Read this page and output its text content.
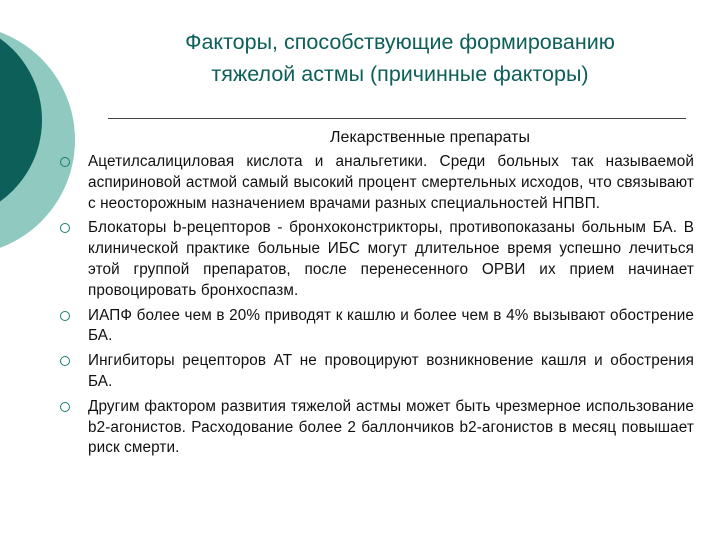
Факторы, способствующие формированию
тяжелой астмы (причинные факторы)
Лекарственные препараты
Ацетилсалициловая кислота и анальгетики. Среди больных так называемой аспириновой астмой самый высокий процент смертельных исходов, что связывают с неосторожным назначением врачами разных специальностей НПВП.
Блокаторы b-рецепторов - бронхоконстрикторы, противопоказаны больным БА. В клинической практике больные ИБС могут длительное время успешно лечиться этой группой препаратов, после перенесенного ОРВИ их прием начинает провоцировать бронхоспазм.
ИАПФ более чем в 20% приводят к кашлю и более чем в 4% вызывают обострение БА.
Ингибиторы рецепторов АТ не провоцируют возникновение кашля и обострения БА.
Другим фактором развития тяжелой астмы может быть чрезмерное использование b2-агонистов. Расходование более 2 баллончиков b2-агонистов в месяц повышает риск смерти.
